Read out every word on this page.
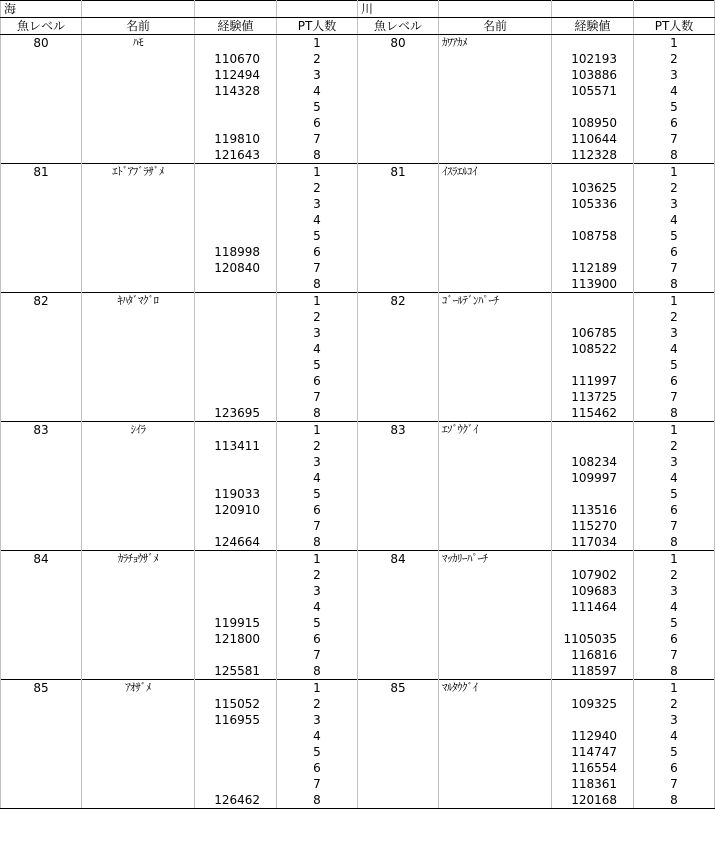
海				川			
魚レベル	名前	経験値	PT人数	魚レベル	名前	経験値	PT人数
80	ﾊﾓ		1	80	ｶﾜｱｶﾒ		1
		110670	2			102193	2
		112494	3			103886	3
		114328	4			105571	4
			5				5
			6			108950	6
		119810	7			110644	7
		121643	8			112328	8
81	ｴﾄﾞｱﾌﾞﾗｻﾞﾒ		1	81	ｲｽﾗｴﾙｺｲ		1
			2			103625	2
			3			105336	3
			4				4
			5			108758	5
		118998	6				6
		120840	7			112189	7
			8			113900	8
82	ｷﾊﾀﾞﾏｸﾞﾛ		1	82	ｺﾞｰﾙﾃﾞﾝﾊﾟｰﾁ		1
			2				2
			3			106785	3
			4			108522	4
			5				5
			6			111997	6
			7			113725	7
		123695	8			115462	8
83	ｼｲﾗ		1	83	ｴｿﾞｳｸﾞｲ		1
		113411	2				2
			3			108234	3
			4			109997	4
		119033	5				5
		120910	6			113516	6
			7			115270	7
		124664	8			117034	8
84	ｶﾗﾁｮｳｻﾞﾒ		1	84	ﾏｯｶﾘｰﾊﾟｰﾁ		1
			2			107902	2
			3			109683	3
			4			111464	4
		119915	5				5
		121800	6			1105035	6
			7			116816	7
		125581	8			118597	8
85	ｱｵｻﾞﾒ		1	85	ﾏﾙﾀｳｸﾞｲ		1
		115052	2			109325	2
		116955	3				3
			4			112940	4
			5			114747	5
			6			116554	6
			7			118361	7
		126462	8			120168	8
